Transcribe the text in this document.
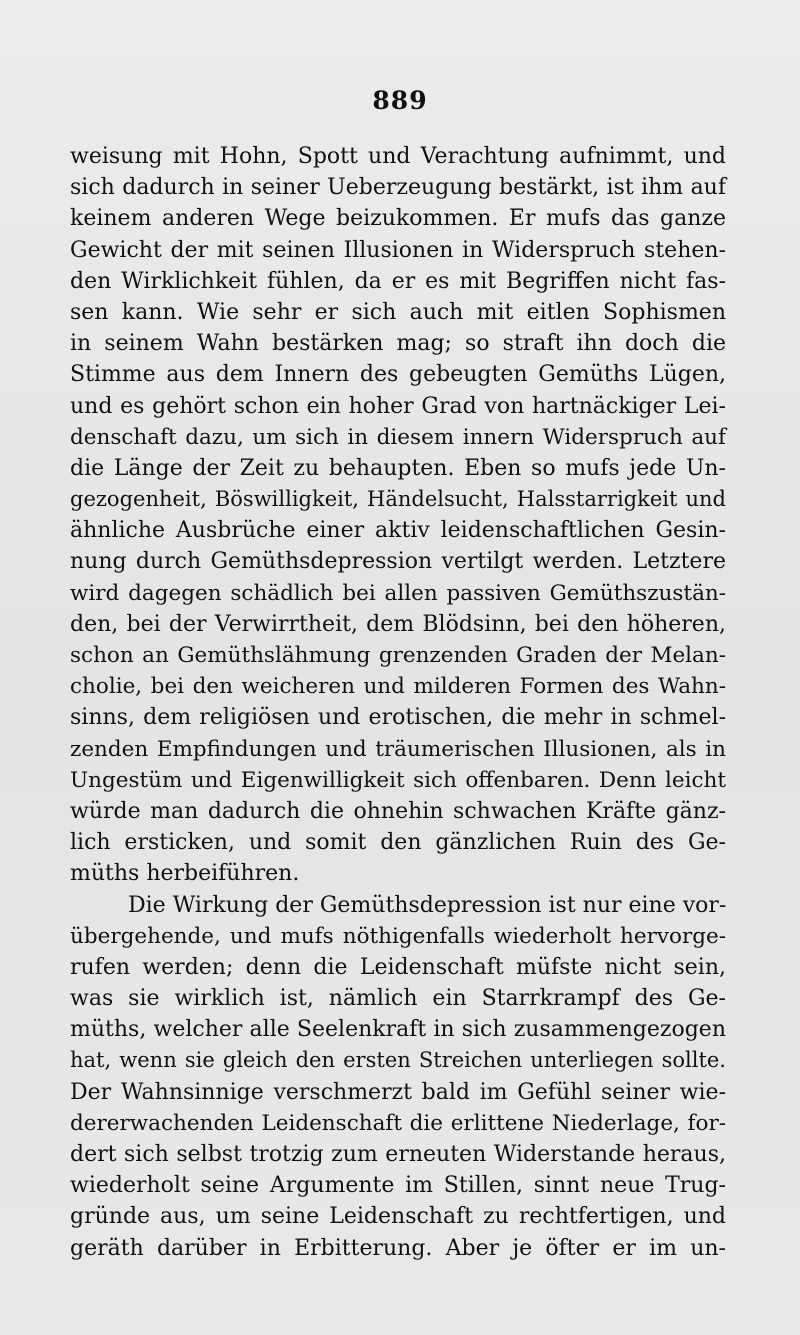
889
weisung mit Hohn, Spott und Verachtung aufnimmt, und
sich dadurch in seiner Ueberzeugung bestärkt, ist ihm auf
keinem anderen Wege beizukommen. Er mufs das ganze
Gewicht der mit seinen Illusionen in Widerspruch stehen-
den Wirklichkeit fühlen, da er es mit Begriffen nicht fas-
sen kann. Wie sehr er sich auch mit eitlen Sophismen
in seinem Wahn bestärken mag; so straft ihn doch die
Stimme aus dem Innern des gebeugten Gemüths Lügen,
und es gehört schon ein hoher Grad von hartnäckiger Lei-
denschaft dazu, um sich in diesem innern Widerspruch auf
die Länge der Zeit zu behaupten. Eben so mufs jede Un-
gezogenheit, Böswilligkeit, Händelsucht, Halsstarrigkeit und
ähnliche Ausbrüche einer aktiv leidenschaftlichen Gesin-
nung durch Gemüthsdepression vertilgt werden. Letztere
wird dagegen schädlich bei allen passiven Gemüthszustän-
den, bei der Verwirrtheit, dem Blödsinn, bei den höheren,
schon an Gemüthslähmung grenzenden Graden der Melan-
cholie, bei den weicheren und milderen Formen des Wahn-
sinns, dem religiösen und erotischen, die mehr in schmel-
zenden Empfindungen und träumerischen Illusionen, als in
Ungestüm und Eigenwilligkeit sich offenbaren. Denn leicht
würde man dadurch die ohnehin schwachen Kräfte gänz-
lich ersticken, und somit den gänzlichen Ruin des Ge-
müths herbeiführen.
Die Wirkung der Gemüthsdepression ist nur eine vor-
übergehende, und mufs nöthigenfalls wiederholt hervorge-
rufen werden; denn die Leidenschaft müfste nicht sein,
was sie wirklich ist, nämlich ein Starrkrampf des Ge-
müths, welcher alle Seelenkraft in sich zusammengezogen
hat, wenn sie gleich den ersten Streichen unterliegen sollte.
Der Wahnsinnige verschmerzt bald im Gefühl seiner wie-
dererwachenden Leidenschaft die erlittene Niederlage, for-
dert sich selbst trotzig zum erneuten Widerstande heraus,
wiederholt seine Argumente im Stillen, sinnt neue Trug-
gründe aus, um seine Leidenschaft zu rechtfertigen, und
geräth darüber in Erbitterung. Aber je öfter er im un-
